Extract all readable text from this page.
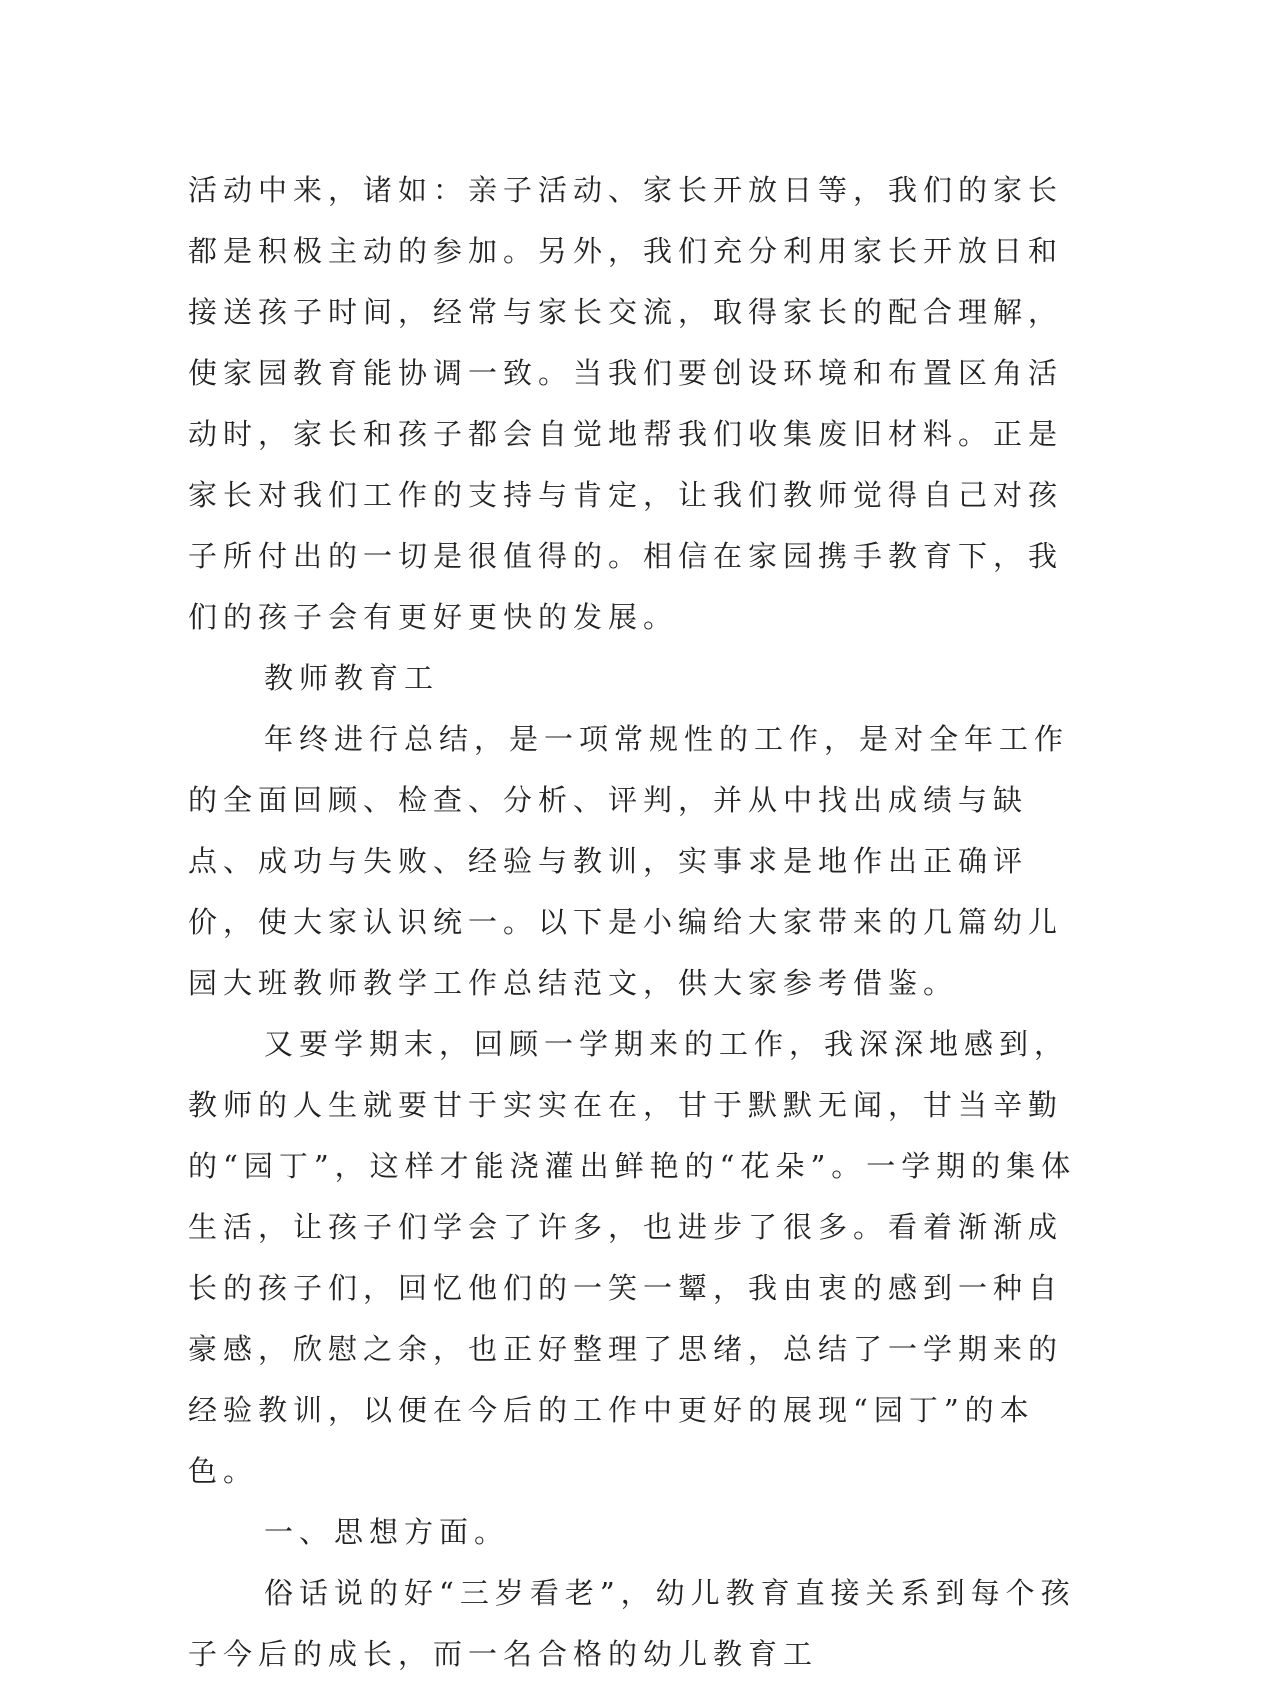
活动中来，诸如：亲子活动、家长开放日等，我们的家长都是积极主动的参加。另外，我们充分利用家长开放日和接送孩子时间，经常与家长交流，取得家长的配合理解，使家园教育能协调一致。当我们要创设环境和布置区角活动时，家长和孩子都会自觉地帮我们收集废旧材料。正是家长对我们工作的支持与肯定，让我们教师觉得自己对孩子所付出的一切是很值得的。相信在家园携手教育下，我们的孩子会有更好更快的发展。

教师教育工

年终进行总结，是一项常规性的工作，是对全年工作的全面回顾、检查、分析、评判，并从中找出成绩与缺点、成功与失败、经验与教训，实事求是地作出正确评价，使大家认识统一。以下是小编给大家带来的几篇幼儿园大班教师教学工作总结范文，供大家参考借鉴。

又要学期末，回顾一学期来的工作，我深深地感到，教师的人生就要甘于实实在在，甘于默默无闻，甘当辛勤的“园丁”，这样才能浇灌出鲜艳的“花朵”。一学期的集体生活，让孩子们学会了许多，也进步了很多。看着渐渐成长的孩子们，回忆他们的一笑一颦，我由衷的感到一种自豪感，欣慰之余，也正好整理了思绪，总结了一学期来的经验教训，以便在今后的工作中更好的展现“园丁”的本色。

一、思想方面。

俗话说的好“三岁看老”，幼儿教育直接关系到每个孩子今后的成长，而一名合格的幼儿教育工
